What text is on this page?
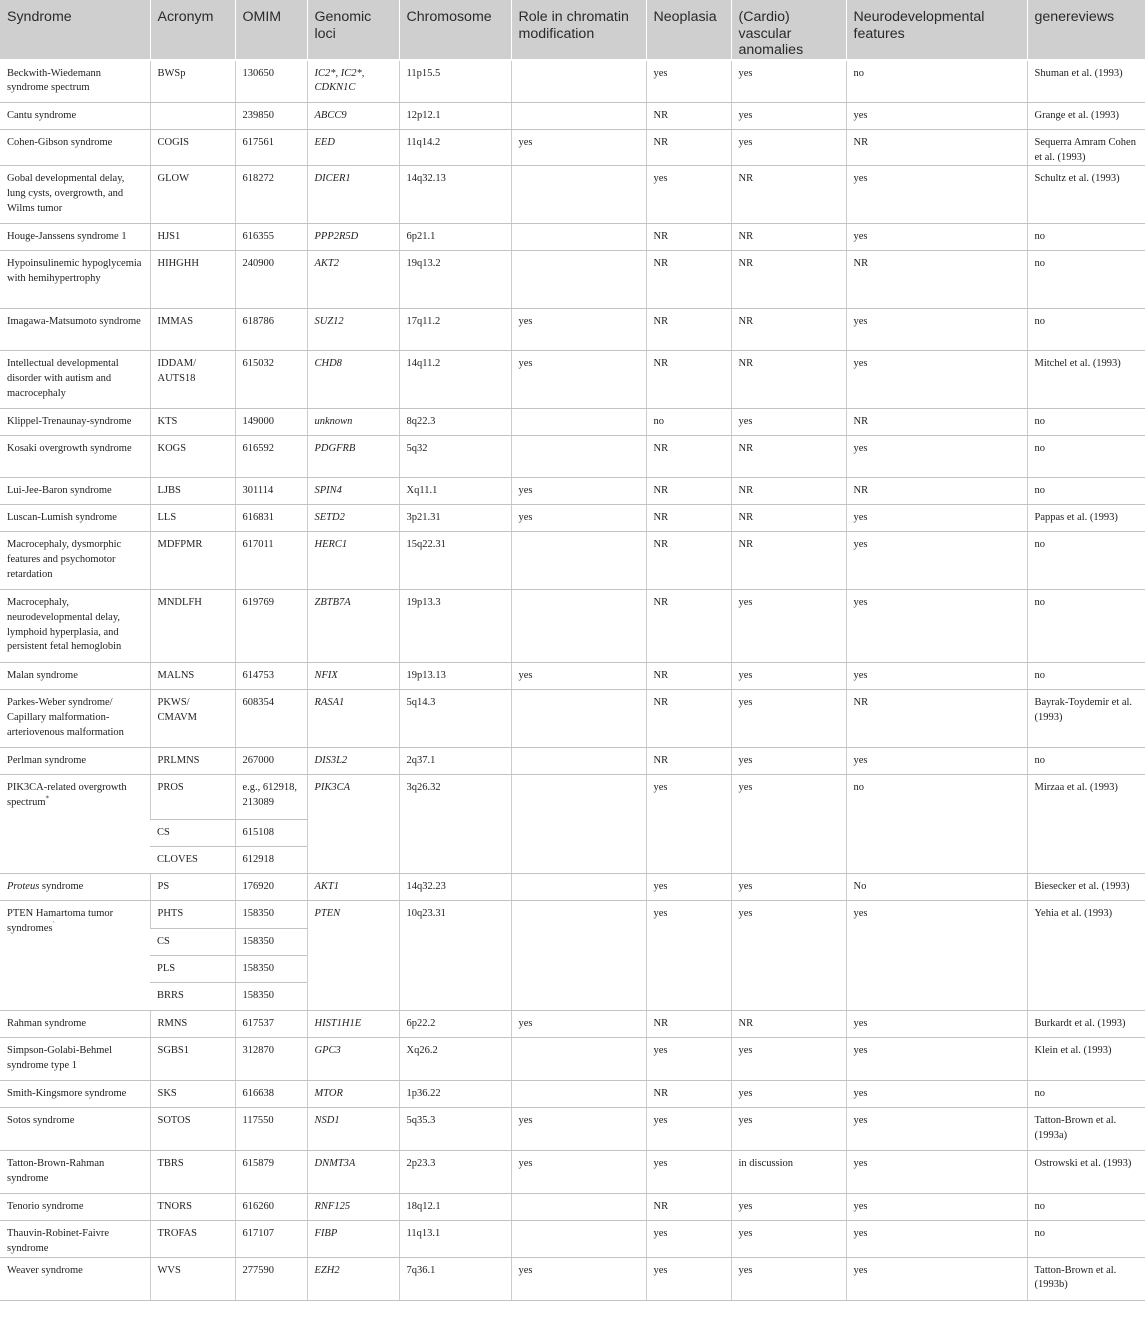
Syndrome	Acronym	OMIM	Genomic loci	Chromosome	Role in chromatin modification	Neoplasia	(Cardio) vascular anomalies	Neurodevelopmental features	genereviews
Beckwith-Wiedemann syndrome spectrum	BWSp	130650	IC2*, IC2*, CDKN1C	11p15.5		yes	yes	no	Shuman et al. (1993)
Cantu syndrome		239850	ABCC9	12p12.1		NR	yes	yes	Grange et al. (1993)
Cohen-Gibson syndrome	COGIS	617561	EED	11q14.2	yes	NR	yes	NR	Sequerra Amram Cohen et al. (1993)
Gobal developmental delay, lung cysts, overgrowth, and Wilms tumor	GLOW	618272	DICER1	14q32.13		yes	NR	yes	Schultz et al. (1993)
Houge-Janssens syndrome 1	HJS1	616355	PPP2R5D	6p21.1		NR	NR	yes	no
Hypoinsulinemic hypoglycemia with hemihypertrophy	HIHGHH	240900	AKT2	19q13.2		NR	NR	NR	no
Imagawa-Matsumoto syndrome	IMMAS	618786	SUZ12	17q11.2	yes	NR	NR	yes	no
Intellectual developmental disorder with autism and macrocephaly	IDDAM/ AUTS18	615032	CHD8	14q11.2	yes	NR	NR	yes	Mitchel et al. (1993)
Klippel-Trenaunay-syndrome	KTS	149000	unknown	8q22.3		no	yes	NR	no
Kosaki overgrowth syndrome	KOGS	616592	PDGFRB	5q32		NR	NR	yes	no
Lui-Jee-Baron syndrome	LJBS	301114	SPIN4	Xq11.1	yes	NR	NR	NR	no
Luscan-Lumish syndrome	LLS	616831	SETD2	3p21.31	yes	NR	NR	yes	Pappas et al. (1993)
Macrocephaly, dysmorphic features and psychomotor retardation	MDFPMR	617011	HERC1	15q22.31		NR	NR	yes	no
Macrocephaly, neurodevelopmental delay, lymphoid hyperplasia, and persistent fetal hemoglobin	MNDLFH	619769	ZBTB7A	19p13.3		NR	yes	yes	no
Malan syndrome	MALNS	614753	NFIX	19p13.13	yes	NR	yes	yes	no
Parkes-Weber syndrome/ Capillary malformation-arteriovenous malformation	PKWS/ CMAVM	608354	RASA1	5q14.3		NR	yes	NR	Bayrak-Toydemir et al. (1993)
Perlman syndrome	PRLMNS	267000	DIS3L2	2q37.1		NR	yes	yes	no
PIK3CA-related overgrowth spectrum*	PROS	e.g., 612918, 213089	PIK3CA	3q26.32		yes	yes	no	Mirzaa et al. (1993)
	CS	615108							
	CLOVES	612918							
Proteus syndrome	PS	176920	AKT1	14q32.23		yes	yes	No	Biesecker et al. (1993)
PTEN Hamartoma tumor syndromes`	PHTS	158350	PTEN	10q23.31		yes	yes	yes	Yehia et al. (1993)
	CS	158350							
	PLS	158350							
	BRRS	158350							
Rahman syndrome	RMNS	617537	HIST1H1E	6p22.2	yes	NR	NR	yes	Burkardt et al. (1993)
Simpson-Golabi-Behmel syndrome type 1	SGBS1	312870	GPC3	Xq26.2		yes	yes	yes	Klein et al. (1993)
Smith-Kingsmore syndrome	SKS	616638	MTOR	1p36.22		NR	yes	yes	no
Sotos syndrome	SOTOS	117550	NSD1	5q35.3	yes	yes	yes	yes	Tatton-Brown et al. (1993a)
Tatton-Brown-Rahman syndrome	TBRS	615879	DNMT3A	2p23.3	yes	yes	in discussion	yes	Ostrowski et al. (1993)
Tenorio syndrome	TNORS	616260	RNF125	18q12.1		NR	yes	yes	no
Thauvin-Robinet-Faivre syndrome	TROFAS	617107	FIBP	11q13.1		yes	yes	yes	no
Weaver syndrome	WVS	277590	EZH2	7q36.1	yes	yes	yes	yes	Tatton-Brown et al. (1993b)
